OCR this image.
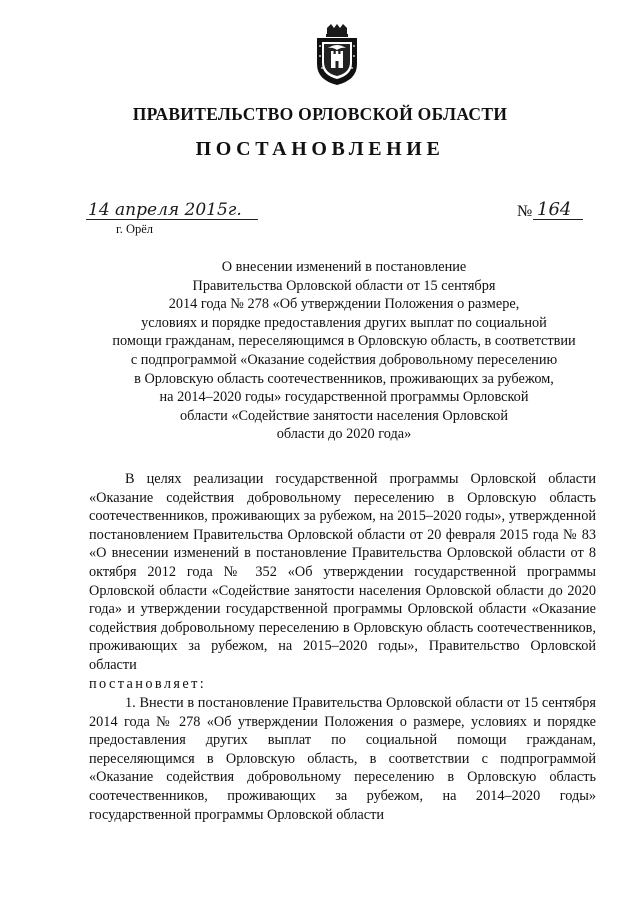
ПРАВИТЕЛЬСТВО ОРЛОВСКОЙ ОБЛАСТИ
ПОСТАНОВЛЕНИЕ
14 апреля 2015г.
г. Орёл
№ 164
О внесении изменений в постановление
Правительства Орловской области от 15 сентября
2014 года № 278 «Об утверждении Положения о размере,
условиях и порядке предоставления других выплат по социальной
помощи гражданам, переселяющимся в Орловскую область, в соответствии
с подпрограммой «Оказание содействия добровольному переселению
в Орловскую область соотечественников, проживающих за рубежом,
на 2014–2020 годы» государственной программы Орловской
области «Содействие занятости населения Орловской
области до 2020 года»
В целях реализации государственной программы Орловской области «Оказание содействия добровольному переселению в Орловскую область соотечественников, проживающих за рубежом, на 2015–2020 годы», утвержденной постановлением Правительства Орловской области от 20 февраля 2015 года № 83 «О внесении изменений в постановление Правительства Орловской области от 8 октября 2012 года № 352 «Об утверждении государственной программы Орловской области «Содействие занятости населения Орловской области до 2020 года» и утверждении государственной программы Орловской области «Оказание содействия добровольному переселению в Орловскую область соотечественников, проживающих за рубежом, на 2015–2020 годы», Правительство Орловской области
постановляет:
1. Внести в постановление Правительства Орловской области от 15 сентября 2014 года № 278 «Об утверждении Положения о размере, условиях и порядке предоставления других выплат по социальной помощи гражданам, переселяющимся в Орловскую область, в соответствии с подпрограммой «Оказание содействия добровольному переселению в Орловскую область соотечественников, проживающих за рубежом, на 2014–2020 годы» государственной программы Орловской области
